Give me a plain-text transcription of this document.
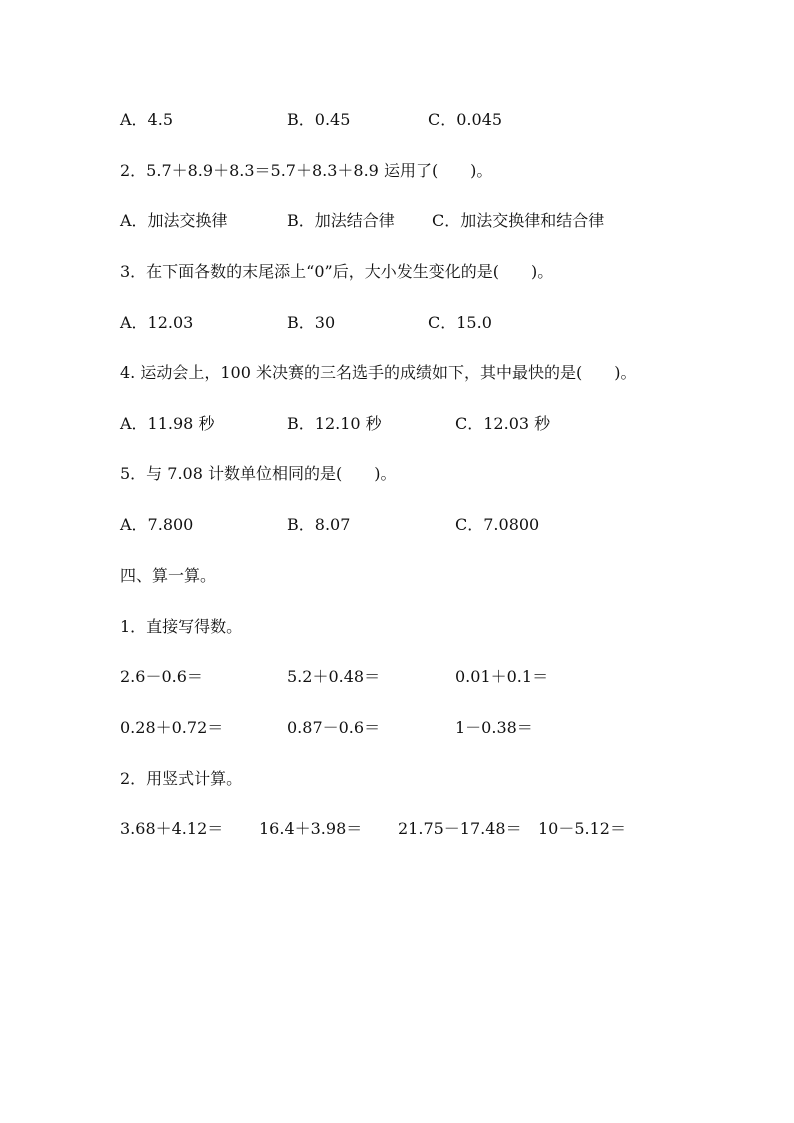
A．4.5	B．0.45	C．0.045
2．5.7＋8.9＋8.3＝5.7＋8.3＋8.9 运用了(　　)。
A．加法交换律	B．加法结合律 C．加法交换律和结合律
3．在下面各数的末尾添上“0”后，大小发生变化的是(　　)。
A．12.03	B．30	C．15.0
4. 运动会上，100 米决赛的三名选手的成绩如下，其中最快的是(　　)。
A．11.98 秒	B．12.10 秒	C．12.03 秒
5．与 7.08 计数单位相同的是(　　)。
A．7.800	B．8.07	C．7.0800
四、算一算。
1．直接写得数。
2.6－0.6＝	5.2＋0.48＝	0.01＋0.1＝
0.28＋0.72＝	0.87－0.6＝	1－0.38＝
2．用竖式计算。
3.68＋4.12＝ 16.4＋3.98＝ 21.75－17.48＝ 10－5.12＝
